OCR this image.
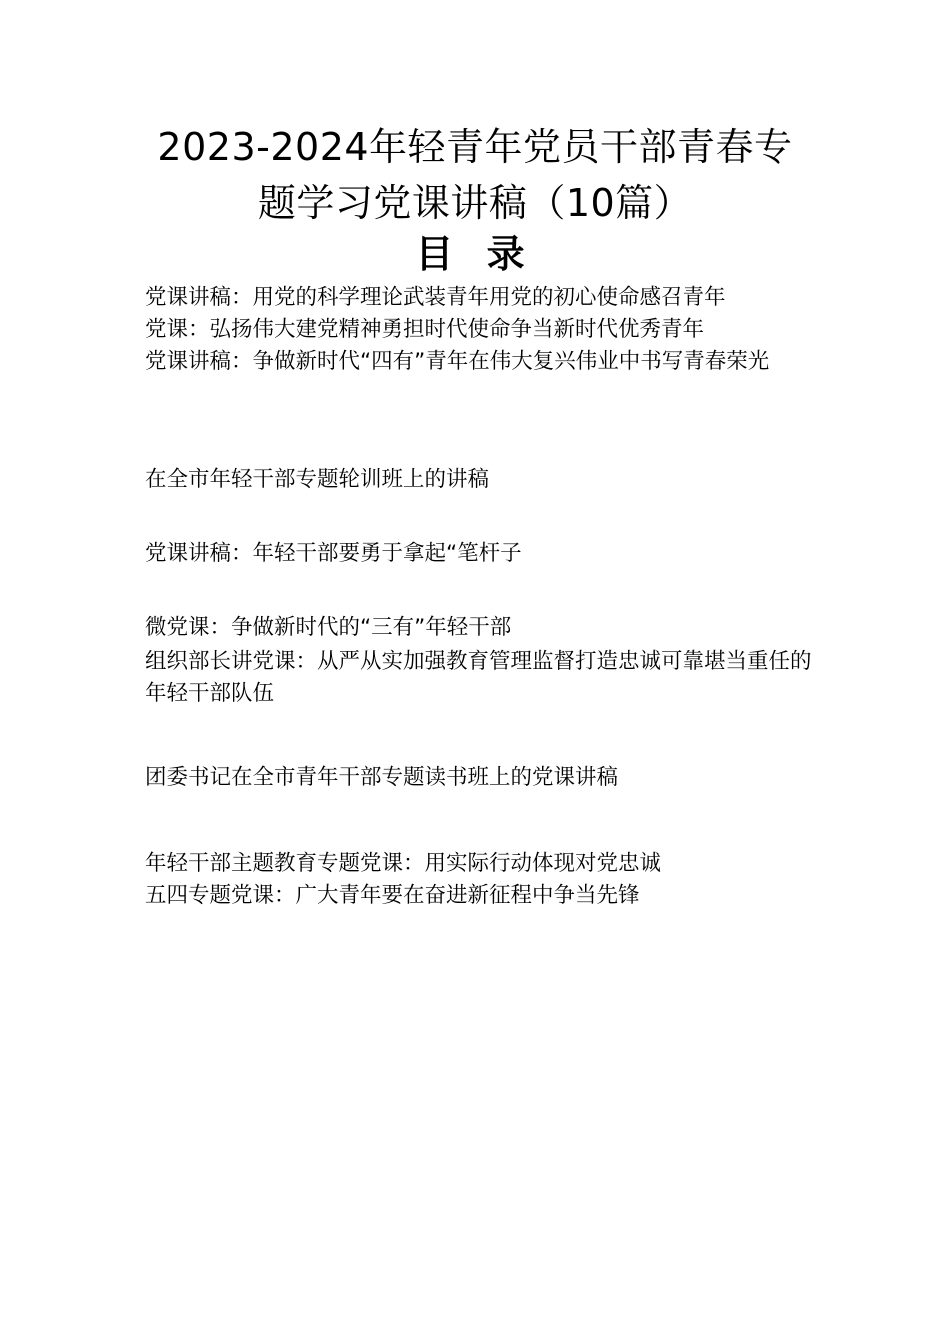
2023-2024年轻青年党员干部青春专
题学习党课讲稿（10篇）
目 录

党课讲稿：用党的科学理论武装青年用党的初心使命感召青年

党课：弘扬伟大建党精神勇担时代使命争当新时代优秀青年

党课讲稿：争做新时代“四有”青年在伟大复兴伟业中书写青春荣光

在全市年轻干部专题轮训班上的讲稿

党课讲稿：年轻干部要勇于拿起“笔杆子

微党课：争做新时代的“三有”年轻干部

组织部长讲党课：从严从实加强教育管理监督打造忠诚可靠堪当重任的年轻干部队伍

团委书记在全市青年干部专题读书班上的党课讲稿

年轻干部主题教育专题党课：用实际行动体现对党忠诚

五四专题党课：广大青年要在奋进新征程中争当先锋
